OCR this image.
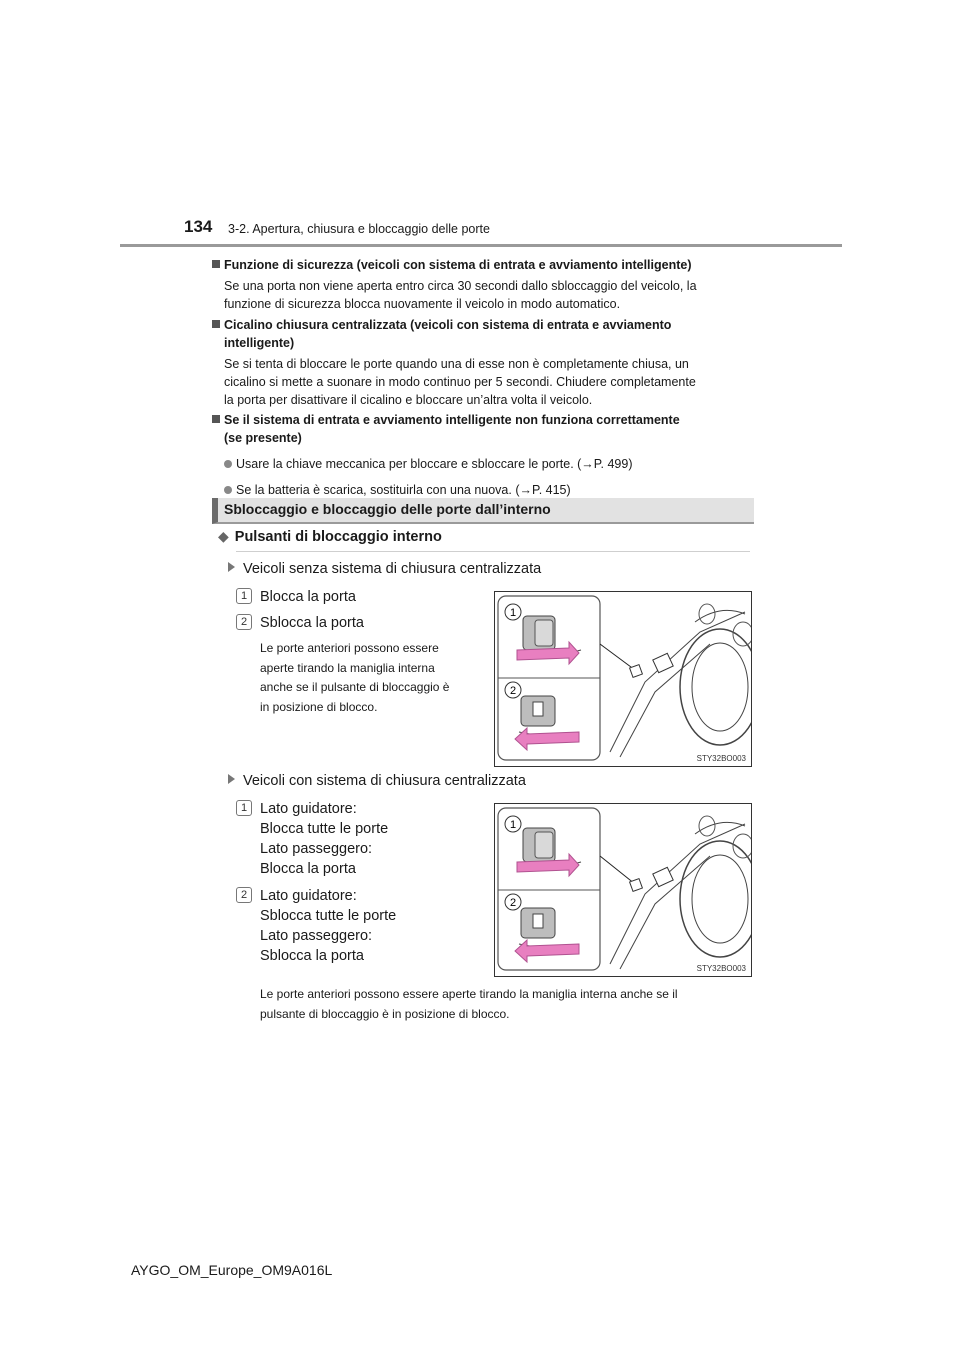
134 3-2. Apertura, chiusura e bloccaggio delle porte
Funzione di sicurezza (veicoli con sistema di entrata e avviamento intelligente)
Se una porta non viene aperta entro circa 30 secondi dallo sbloccaggio del veicolo, la
funzione di sicurezza blocca nuovamente il veicolo in modo automatico.
Cicalino chiusura centralizzata (veicoli con sistema di entrata e avviamento
intelligente)
Se si tenta di bloccare le porte quando una di esse non è completamente chiusa, un
cicalino si mette a suonare in modo continuo per 5 secondi. Chiudere completamente
la porta per disattivare il cicalino e bloccare un’altra volta il veicolo.
Se il sistema di entrata e avviamento intelligente non funziona correttamente
(se presente)
Usare la chiave meccanica per bloccare e sbloccare le porte. (→P. 499)
Se la batteria è scarica, sostituirla con una nuova. (→P. 415)
Sbloccaggio e bloccaggio delle porte dall’interno
◆ Pulsanti di bloccaggio interno
Veicoli senza sistema di chiusura centralizzata
1 Blocca la porta
2 Sblocca la porta
Le porte anteriori possono essere
aperte tirando la maniglia interna
anche se il pulsante di bloccaggio è
in posizione di blocco.
1
2
STY32BO003
Veicoli con sistema di chiusura centralizzata
1 Lato guidatore:
Blocca tutte le porte
Lato passeggero:
Blocca la porta
2 Lato guidatore:
Sblocca tutte le porte
Lato passeggero:
Sblocca la porta
1
2
STY32BO003
Le porte anteriori possono essere aperte tirando la maniglia interna anche se il
pulsante di bloccaggio è in posizione di blocco.
AYGO_OM_Europe_OM9A016L
